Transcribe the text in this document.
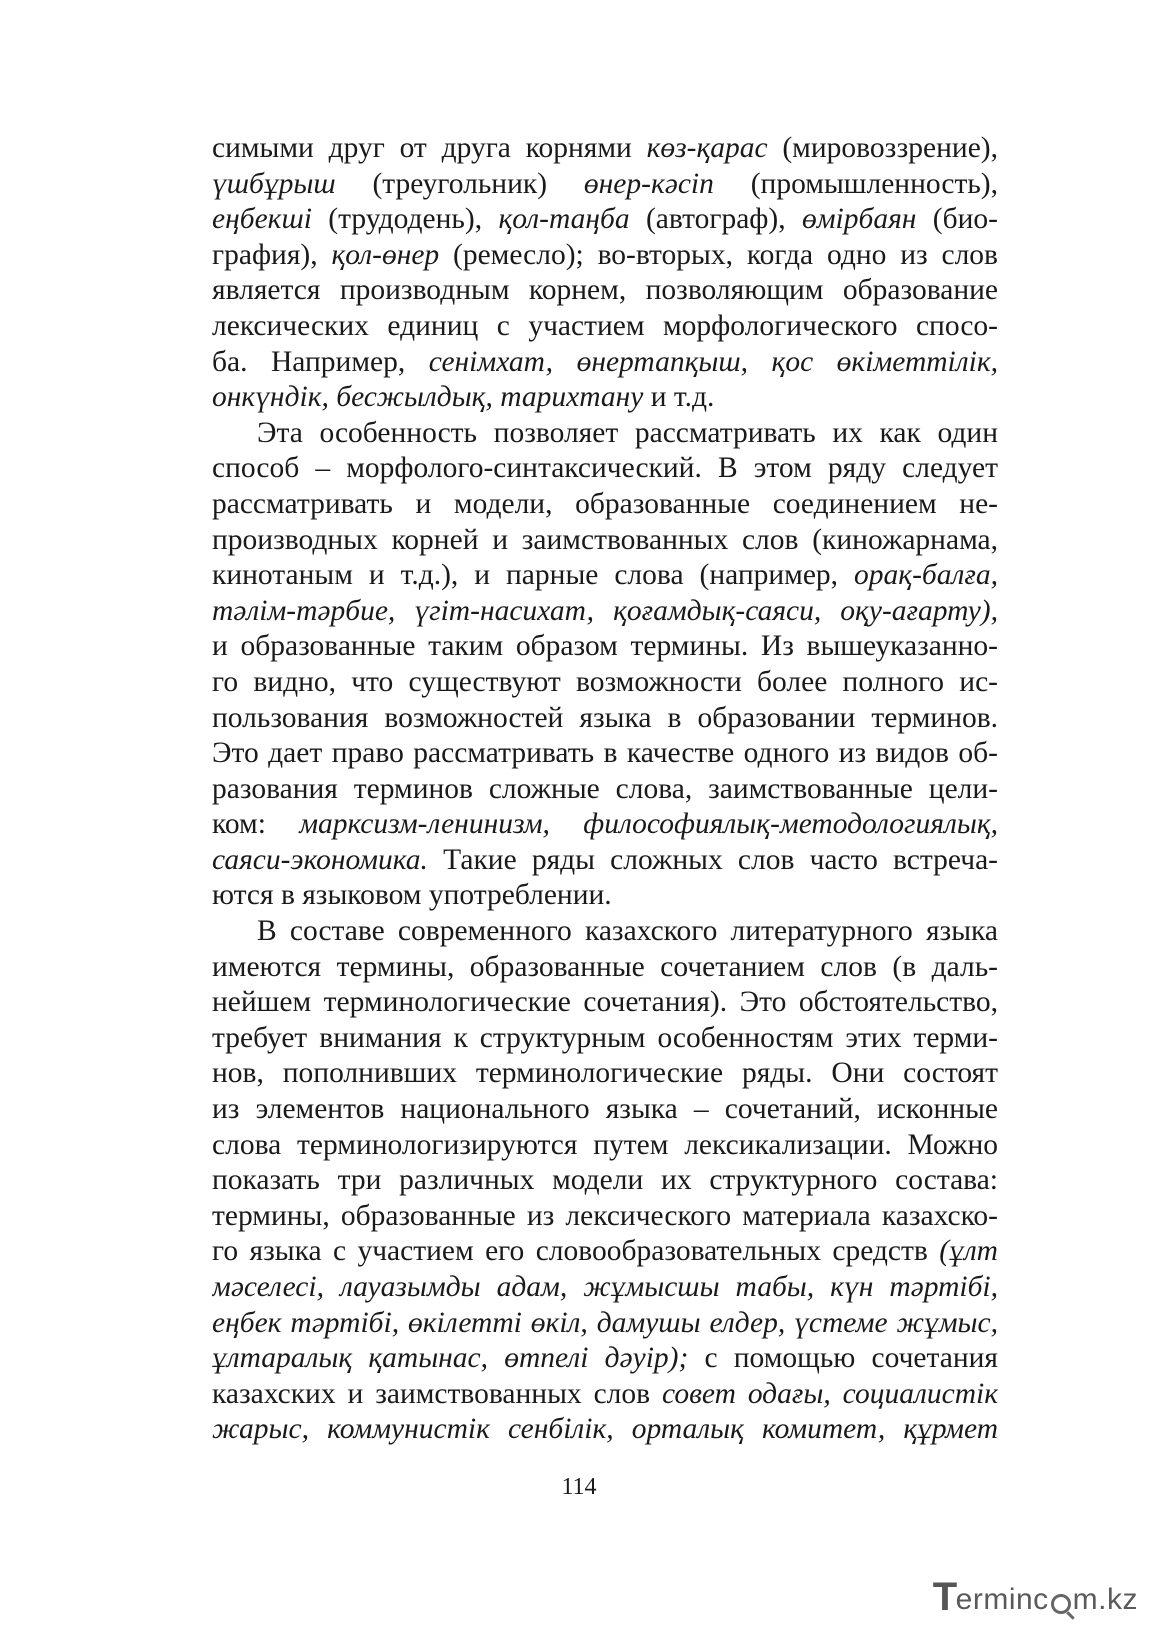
симыми друг от друга корнями көз-қарас (мировоззрение),
үшбұрыш (треугольник) өнер-кәсіп (промышленность),
еңбекші (трудодень), қол-таңба (автограф), өмірбаян (био-
графия), қол-өнер (ремесло); во-вторых, когда одно из слов
является производным корнем, позволяющим образование
лексических единиц с участием морфологического спосо-
ба. Например, сенімхат, өнертапқыш, қос өкіметтілік,
онкүндік, бесжылдық, тарихтану и т.д.
Эта особенность позволяет рассматривать их как один
способ – морфолого-синтаксический. В этом ряду следует
рассматривать и модели, образованные соединением не-
производных корней и заимствованных слов (киножарнама,
кинотаным и т.д.), и парные слова (например, орақ-балға,
тәлім-тәрбие, үгіт-насихат, қоғамдық-саяси, оқу-ағарту),
и образованные таким образом термины. Из вышеуказанно-
го видно, что существуют возможности более полного ис-
пользования возможностей языка в образовании терминов.
Это дает право рассматривать в качестве одного из видов об-
разования терминов сложные слова, заимствованные цели-
ком: марксизм-ленинизм, философиялық-методологиялық,
саяси-экономика. Такие ряды сложных слов часто встреча-
ются в языковом употреблении.
В составе современного казахского литературного языка
имеются термины, образованные сочетанием слов (в даль-
нейшем терминологические сочетания). Это обстоятельство,
требует внимания к структурным особенностям этих терми-
нов, пополнивших терминологические ряды. Они состоят
из элементов национального языка – сочетаний, исконные
слова терминологизируются путем лексикализации. Можно
показать три различных модели их структурного состава:
термины, образованные из лексического материала казахско-
го языка с участием его словообразовательных средств (ұлт
мәселесі, лауазымды адам, жұмысшы табы, күн тәртібі,
еңбек тәртібі, өкілетті өкіл, дамушы елдер, үстеме жұмыс,
ұлтаралық қатынас, өтпелі дәуір); с помощью сочетания
казахских и заимствованных слов совет одағы, социалистік
жарыс, коммунистік сенбілік, орталық комитет, құрмет
114
T
erminc m.kz
